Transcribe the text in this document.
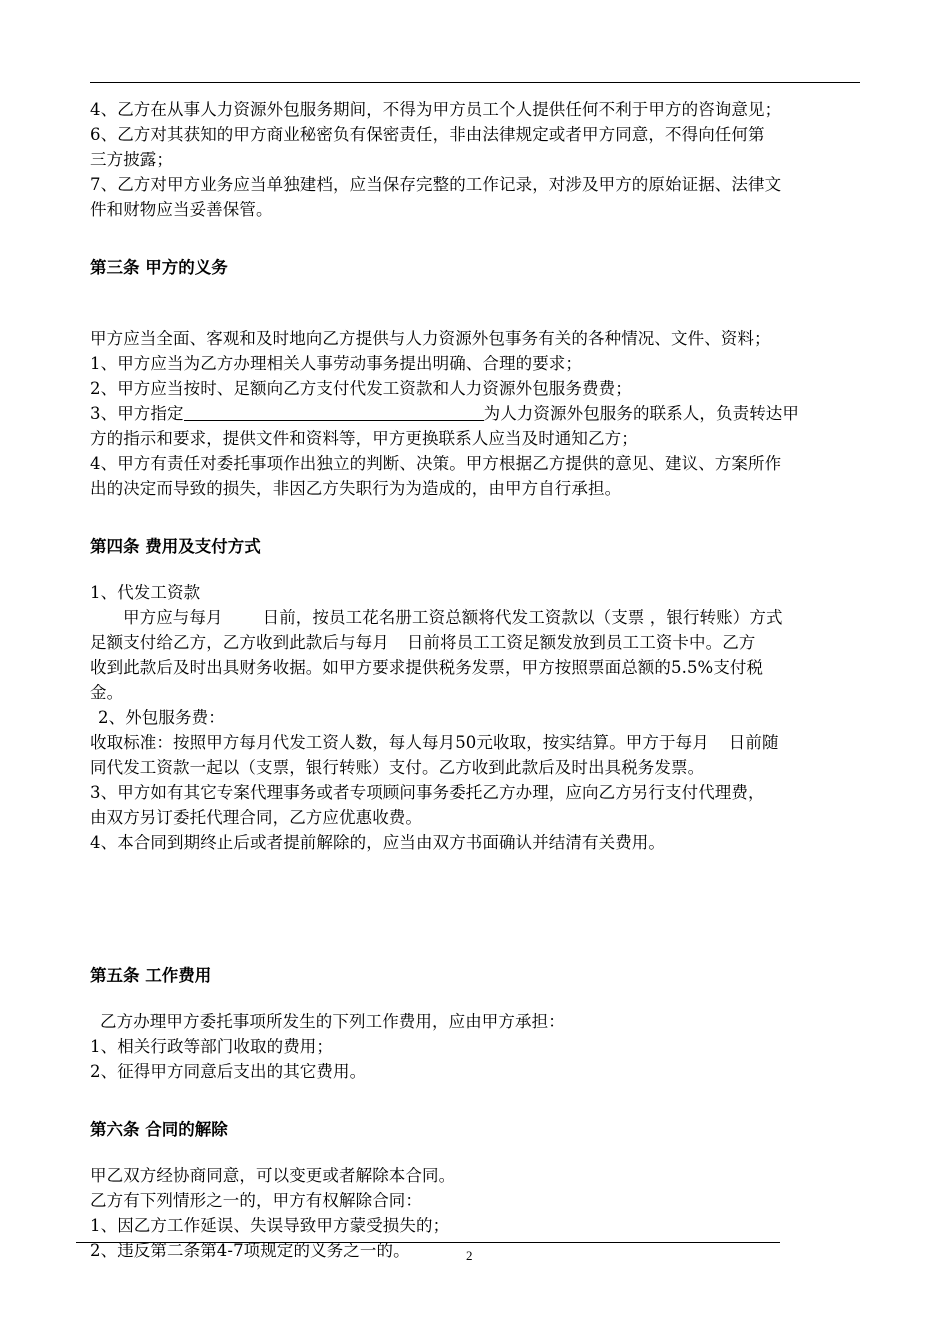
4、乙方在从事人力资源外包服务期间，不得为甲方员工个人提供任何不利于甲方的咨询意见；
6、乙方对其获知的甲方商业秘密负有保密责任，非由法律规定或者甲方同意，不得向任何第
三方披露；
7、乙方对甲方业务应当单独建档，应当保存完整的工作记录，对涉及甲方的原始证据、法律文
件和财物应当妥善保管。
第三条 甲方的义务
甲方应当全面、客观和及时地向乙方提供与人力资源外包事务有关的各种情况、文件、资料；
1、甲方应当为乙方办理相关人事劳动事务提出明确、合理的要求；
2、甲方应当按时、足额向乙方支付代发工资款和人力资源外包服务费费；
3、甲方指定	为人力资源外包服务的联系人，负责转达甲
方的指示和要求，提供文件和资料等，甲方更换联系人应当及时通知乙方；
4、甲方有责任对委托事项作出独立的判断、决策。甲方根据乙方提供的意见、建议、方案所作
出的决定而导致的损失，非因乙方失职行为为造成的，由甲方自行承担。
第四条 费用及支付方式
1、代发工资款
甲方应与每月 日前，按员工花名册工资总额将代发工资款以（支票 ，银行转账）方式
足额支付给乙方，乙方收到此款后与每月 日前将员工工资足额发放到员工工资卡中。乙方
收到此款后及时出具财务收据。如甲方要求提供税务发票，甲方按照票面总额的5.5%支付税
金。
2、外包服务费：
收取标准：按照甲方每月代发工资人数，每人每月50元收取，按实结算。甲方于每月 日前随
同代发工资款一起以（支票，银行转账）支付。乙方收到此款后及时出具税务发票。
3、甲方如有其它专案代理事务或者专项顾问事务委托乙方办理，应向乙方另行支付代理费，
由双方另订委托代理合同，乙方应优惠收费。
4、本合同到期终止后或者提前解除的，应当由双方书面确认并结清有关费用。
第五条 工作费用
乙方办理甲方委托事项所发生的下列工作费用，应由甲方承担：
1、相关行政等部门收取的费用；
2、征得甲方同意后支出的其它费用。
第六条 合同的解除
甲乙双方经协商同意，可以变更或者解除本合同。
乙方有下列情形之一的，甲方有权解除合同：
1、因乙方工作延误、失误导致甲方蒙受损失的；
2、违反第二条第4-7项规定的义务之一的。	2
